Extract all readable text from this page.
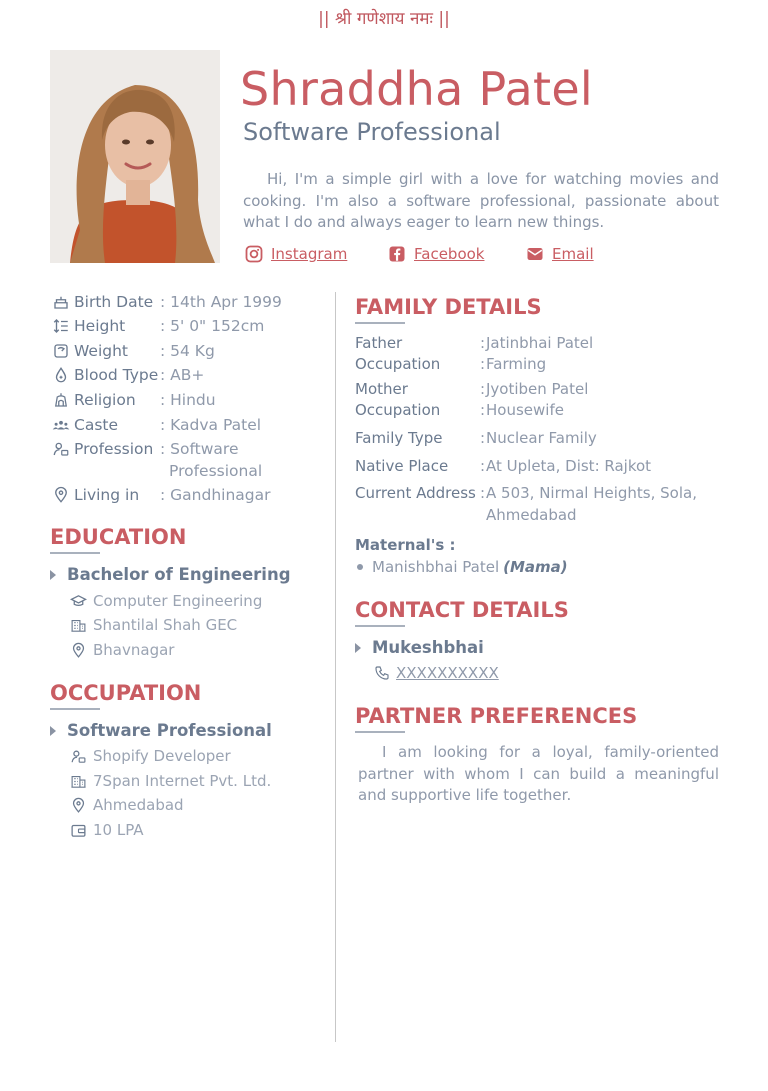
|| श्री गणेशाय नमः ||
Shraddha Patel
Software Professional
Hi, I'm a simple girl with a love for watching movies and cooking. I'm also a software professional, passionate about what I do and always eager to learn new things.
Instagram	Facebook	Email
Birth Date : 14th Apr 1999
Height : 5' 0" 152cm
Weight : 54 Kg
Blood Type : AB+
Religion : Hindu
Caste	: Kadva Patel
Profession : Software
Professional
Living in : Gandhinagar
EDUCATION
Bachelor of Engineering
Computer Engineering
Shantilal Shah GEC
Bhavnagar
OCCUPATION
Software Professional
Shopify Developer
7Span Internet Pvt. Ltd.
Ahmedabad
10 LPA
FAMILY DETAILS
Father	: Jatinbhai Patel
Occupation	: Farming
Mother	: Jyotiben Patel
Occupation	: Housewife
Family Type	: Nuclear Family
Native Place : At Upleta, Dist: Rajkot
Current Address : A 503, Nirmal Heights, Sola,
Ahmedabad
Maternal's :
Manishbhai Patel (Mama)
CONTACT DETAILS
Mukeshbhai
XXXXXXXXXX
PARTNER PREFERENCES
I am looking for a loyal, family-oriented partner with whom I can build a meaningful and supportive life together.
